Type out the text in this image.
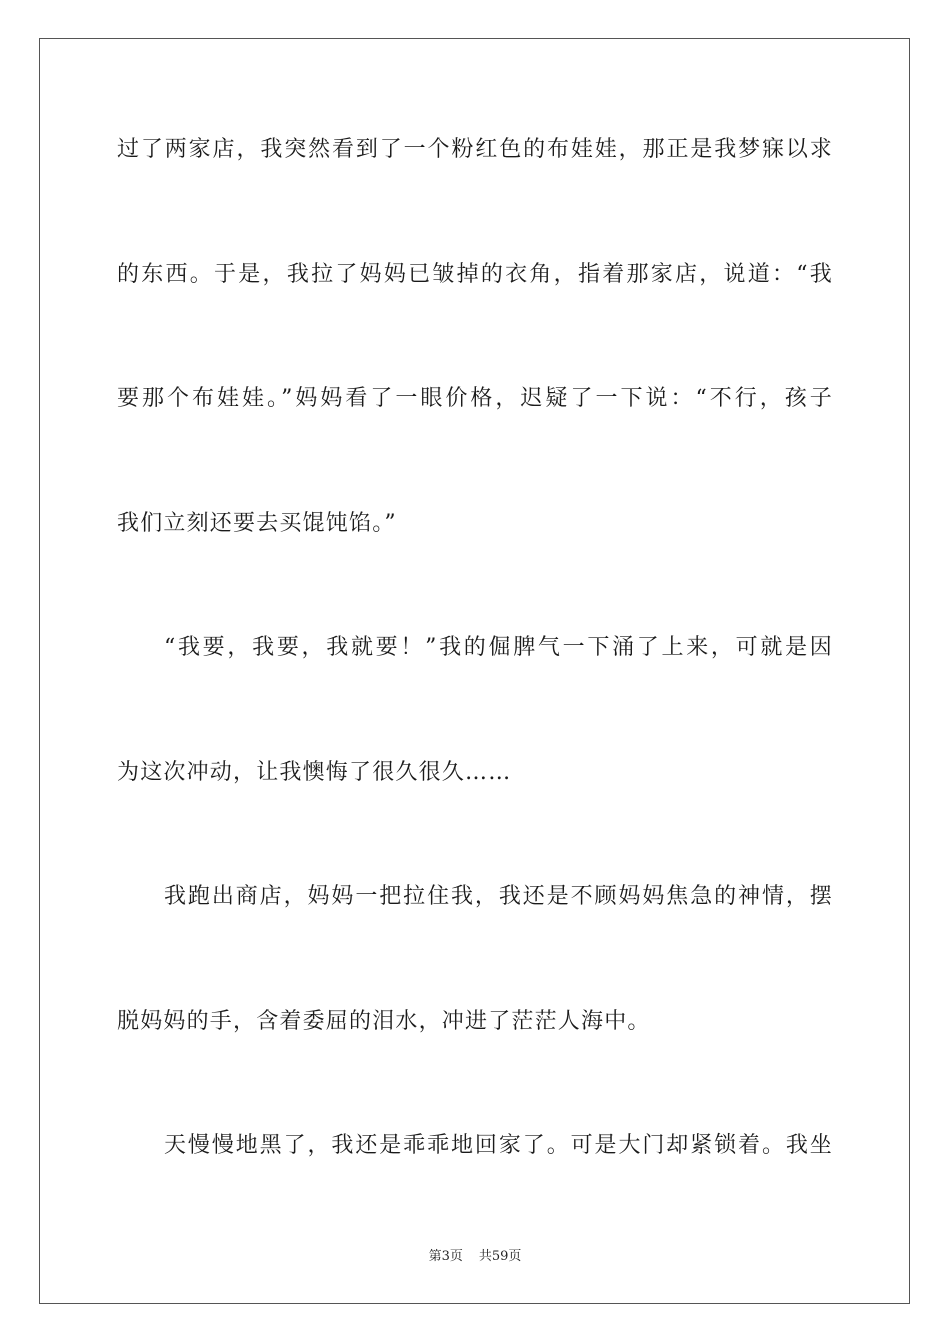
过了两家店，我突然看到了一个粉红色的布娃娃，那正是我梦寐以求
的东西。于是，我拉了妈妈已皱掉的衣角，指着那家店，说道：“我
要那个布娃娃。”妈妈看了一眼价格，迟疑了一下说：“不行，孩子
我们立刻还要去买馄饨馅。”
“我要，我要，我就要！”我的倔脾气一下涌了上来，可就是因
为这次冲动，让我懊悔了很久很久……
我跑出商店，妈妈一把拉住我，我还是不顾妈妈焦急的神情，摆
脱妈妈的手，含着委屈的泪水，冲进了茫茫人海中。
天慢慢地黑了，我还是乖乖地回家了。可是大门却紧锁着。我坐
第3页 共59页
